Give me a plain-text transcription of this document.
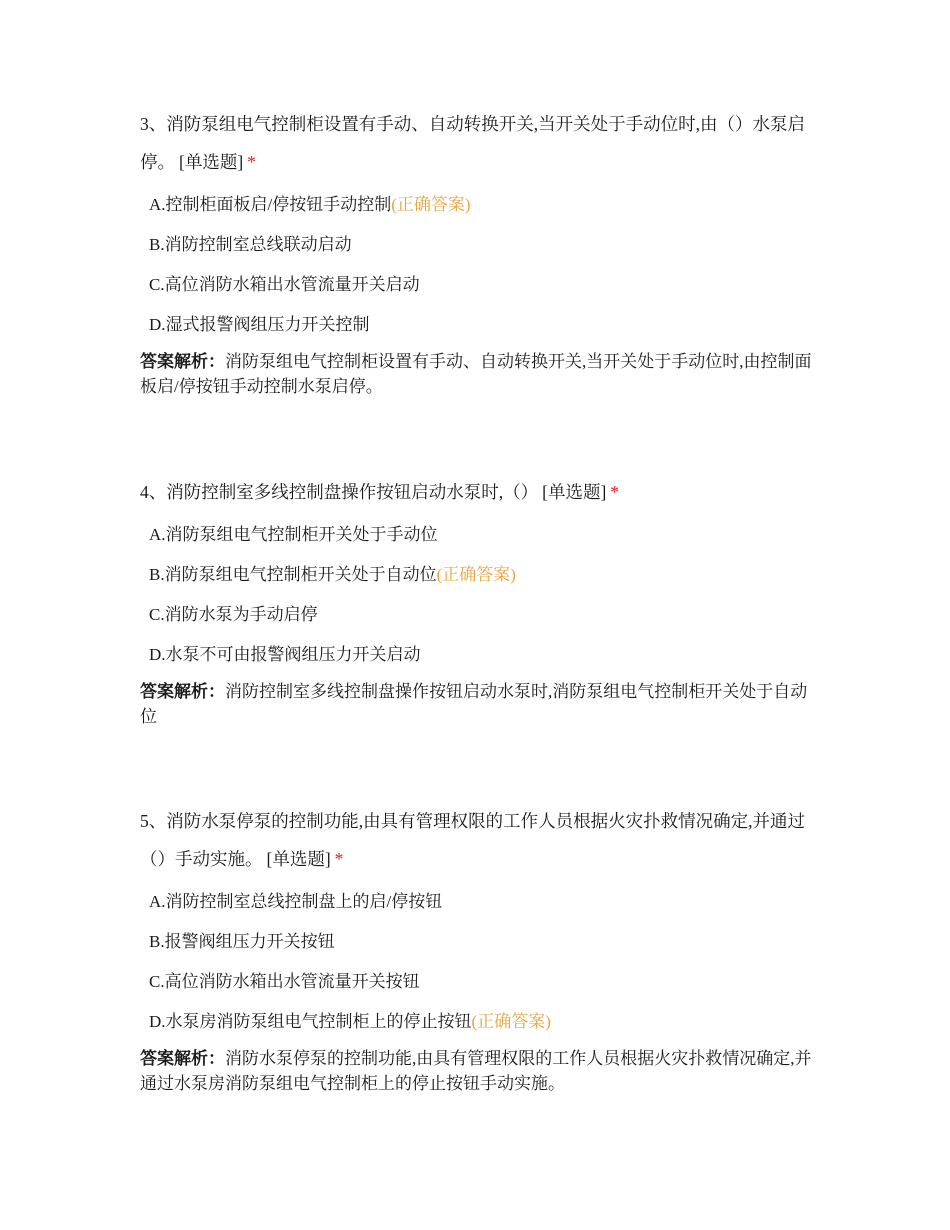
3、消防泵组电气控制柜设置有手动、自动转换开关,当开关处于手动位时,由（）水泵启停。 [单选题] *

A.控制柜面板启/停按钮手动控制(正确答案)
B.消防控制室总线联动启动
C.高位消防水箱出水管流量开关启动
D.湿式报警阀组压力开关控制
答案解析：消防泵组电气控制柜设置有手动、自动转换开关,当开关处于手动位时,由控制面板启/停按钮手动控制水泵启停。

4、消防控制室多线控制盘操作按钮启动水泵时,（） [单选题] *

A.消防泵组电气控制柜开关处于手动位
B.消防泵组电气控制柜开关处于自动位(正确答案)
C.消防水泵为手动启停
D.水泵不可由报警阀组压力开关启动
答案解析：消防控制室多线控制盘操作按钮启动水泵时,消防泵组电气控制柜开关处于自动位

5、消防水泵停泵的控制功能,由具有管理权限的工作人员根据火灾扑救情况确定,并通过（）手动实施。 [单选题] *

A.消防控制室总线控制盘上的启/停按钮
B.报警阀组压力开关按钮
C.高位消防水箱出水管流量开关按钮
D.水泵房消防泵组电气控制柜上的停止按钮(正确答案)
答案解析：消防水泵停泵的控制功能,由具有管理权限的工作人员根据火灾扑救情况确定,并通过水泵房消防泵组电气控制柜上的停止按钮手动实施。
